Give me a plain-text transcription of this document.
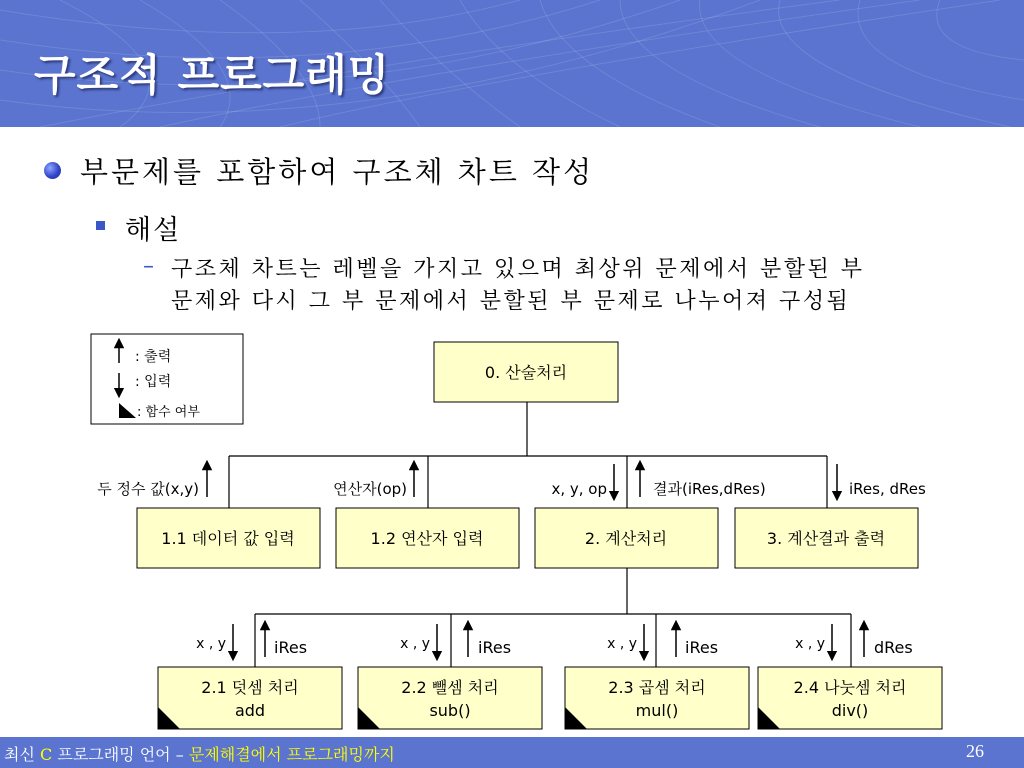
구조적 프로그래밍
부문제를 포함하여 구조체 차트 작성
해설
– 구조체 차트는 레벨을 가지고 있으며 최상위 문제에서 분할된 부
문제와 다시 그 부 문제에서 분할된 부 문제로 나누어져 구성됨
: 출력
: 입력
: 함수 여부
0. 산술처리
1.1 데이터 값 입력	1.2 연산자 입력	2. 계산처리	3. 계산결과 출력
두 정수 값(x,y)	연산자(op)	x, y, op	결과(iRes,dRes)	iRes, dRes
2.1 덧셈 처리
add
2.2 뺄셈 처리
sub()
2.3 곱셈 처리
mul()
2.4 나눗셈 처리
div()
x , y	iRes	x , y	iRes	x , y	iRes	x , y	dRes
최신 C 프로그래밍 언어 – 문제해결에서 프로그래밍까지	26
